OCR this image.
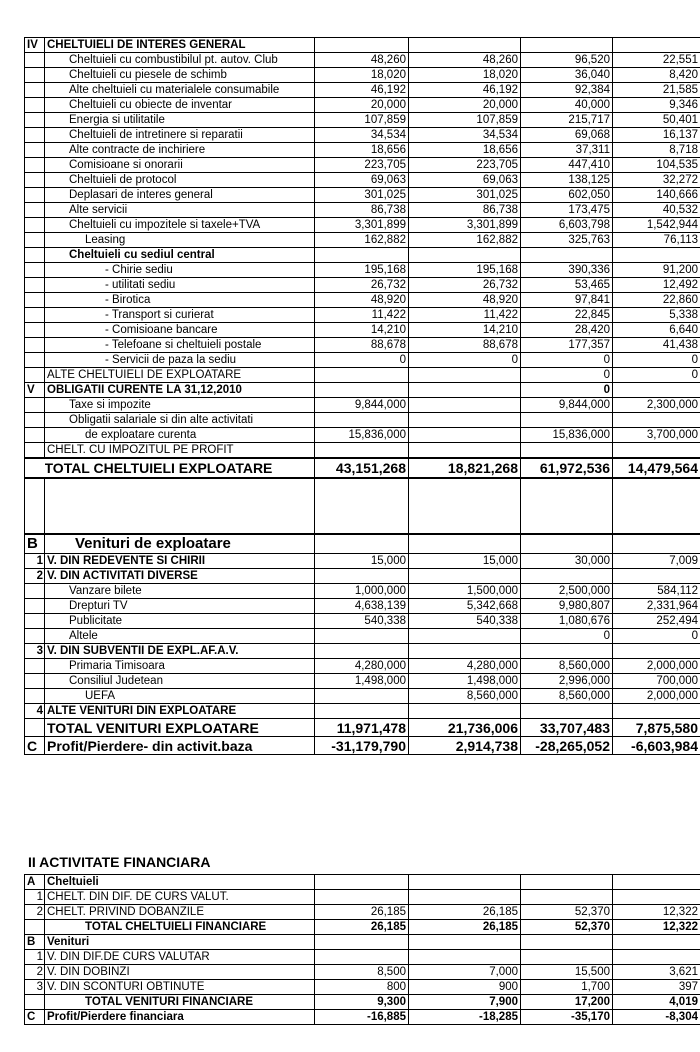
IV	CHELTUIELI DE INTERES GENERAL				
	Cheltuieli cu combustibilul pt. autov. Club	48,260	48,260	96,520	22,551
	Cheltuieli cu piesele de schimb	18,020	18,020	36,040	8,420
	Alte cheltuieli cu materialele consumabile	46,192	46,192	92,384	21,585
	Cheltuieli cu obiecte de inventar	20,000	20,000	40,000	9,346
	Energia si utilitatile	107,859	107,859	215,717	50,401
	Cheltuieli de intretinere si reparatii	34,534	34,534	69,068	16,137
	Alte contracte de inchiriere	18,656	18,656	37,311	8,718
	Comisioane si onorarii	223,705	223,705	447,410	104,535
	Cheltuieli de protocol	69,063	69,063	138,125	32,272
	Deplasari de interes general	301,025	301,025	602,050	140,666
	Alte servicii	86,738	86,738	173,475	40,532
	Cheltuieli cu impozitele si taxele+TVA	3,301,899	3,301,899	6,603,798	1,542,944
	Leasing	162,882	162,882	325,763	76,113
	Cheltuieli cu sediul central				
	- Chirie sediu	195,168	195,168	390,336	91,200
	- utilitati sediu	26,732	26,732	53,465	12,492
	- Birotica	48,920	48,920	97,841	22,860
	- Transport si curierat	11,422	11,422	22,845	5,338
	- Comisioane bancare	14,210	14,210	28,420	6,640
	- Telefoane si cheltuieli postale	88,678	88,678	177,357	41,438
	- Servicii de paza la sediu	0	0	0	0
	ALTE CHELTUIELI DE EXPLOATARE			0	0
V	OBLIGATII CURENTE LA 31,12,2010			0	
	Taxe si impozite	9,844,000		9,844,000	2,300,000
	Obligatii salariale si din alte activitati				
	de exploatare curenta	15,836,000		15,836,000	3,700,000
	CHELT. CU IMPOZITUL PE PROFIT				
	TOTAL CHELTUIELI EXPLOATARE	43,151,268	18,821,268	61,972,536	14,479,564

B	Venituri de exploatare				
1	V. DIN REDEVENTE SI CHIRII	15,000	15,000	30,000	7,009
2	V. DIN ACTIVITATI DIVERSE				
	Vanzare bilete	1,000,000	1,500,000	2,500,000	584,112
	Drepturi TV	4,638,139	5,342,668	9,980,807	2,331,964
	Publicitate	540,338	540,338	1,080,676	252,494
	Altele			0	0
3	V. DIN SUBVENTII DE EXPL.AF.A.V.				
	Primaria Timisoara	4,280,000	4,280,000	8,560,000	2,000,000
	Consiliul Judetean	1,498,000	1,498,000	2,996,000	700,000
	UEFA		8,560,000	8,560,000	2,000,000
4	ALTE VENITURI DIN EXPLOATARE				
	TOTAL VENITURI EXPLOATARE	11,971,478	21,736,006	33,707,483	7,875,580
C	Profit/Pierdere- din activit.baza	-31,179,790	2,914,738	-28,265,052	-6,603,984
II ACTIVITATE FINANCIARA
A	Cheltuieli				
1	CHELT. DIN DIF. DE CURS VALUT.				
2	CHELT. PRIVIND DOBANZILE	26,185	26,185	52,370	12,322
	TOTAL CHELTUIELI FINANCIARE	26,185	26,185	52,370	12,322
B	Venituri				
1	V. DIN DIF.DE CURS VALUTAR				
2	V. DIN DOBINZI	8,500	7,000	15,500	3,621
3	V. DIN SCONTURI OBTINUTE	800	900	1,700	397
	TOTAL VENITURI FINANCIARE	9,300	7,900	17,200	4,019
C	Profit/Pierdere financiara	-16,885	-18,285	-35,170	-8,304
